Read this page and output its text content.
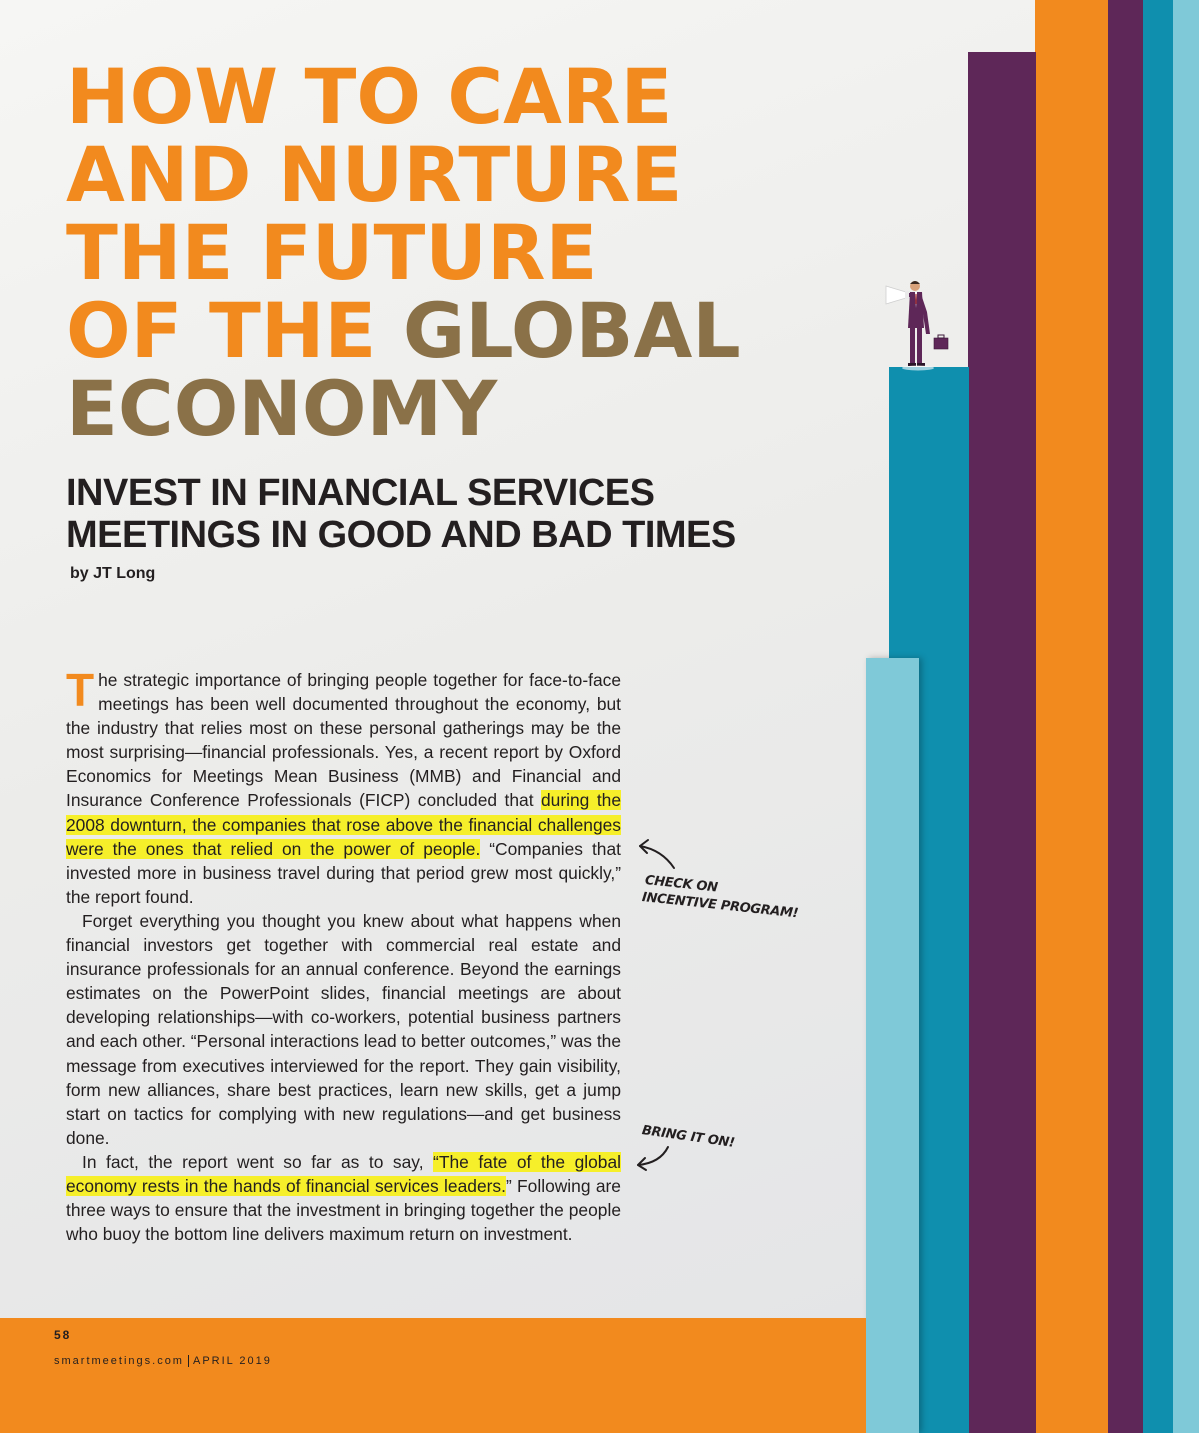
HOW TO CARE
AND NURTURE
THE FUTURE
OF THE GLOBAL
ECONOMY
INVEST IN FINANCIAL SERVICES
MEETINGS IN GOOD AND BAD TIMES
by JT Long

The strategic importance of bringing people together for face-to-face meetings has been well documented throughout the economy, but the industry that relies most on these personal gatherings may be the most surprising—financial professionals. Yes, a recent report by Oxford Economics for Meetings Mean Business (MMB) and Financial and Insurance Conference Professionals (FICP) concluded that during the 2008 downturn, the companies that rose above the financial challenges were the ones that relied on the power of people. “Companies that invested more in business travel during that period grew most quickly,” the report found.

Forget everything you thought you knew about what happens when financial investors get together with commercial real estate and insurance professionals for an annual conference. Beyond the earnings estimates on the PowerPoint slides, financial meetings are about developing relationships—with co-workers, potential business partners and each other. “Personal interactions lead to better outcomes,” was the message from executives interviewed for the report. They gain visibility, form new alliances, share best practices, learn new skills, get a jump start on tactics for complying with new regulations—and get business done.

In fact, the report went so far as to say, “The fate of the global economy rests in the hands of financial services leaders.” Following are three ways to ensure that the investment in bringing together the people who buoy the bottom line delivers maximum return on investment.

CHECK ON
INCENTIVE PROGRAM!
BRING IT ON!
58
smartmeetings.com APRIL 2019
